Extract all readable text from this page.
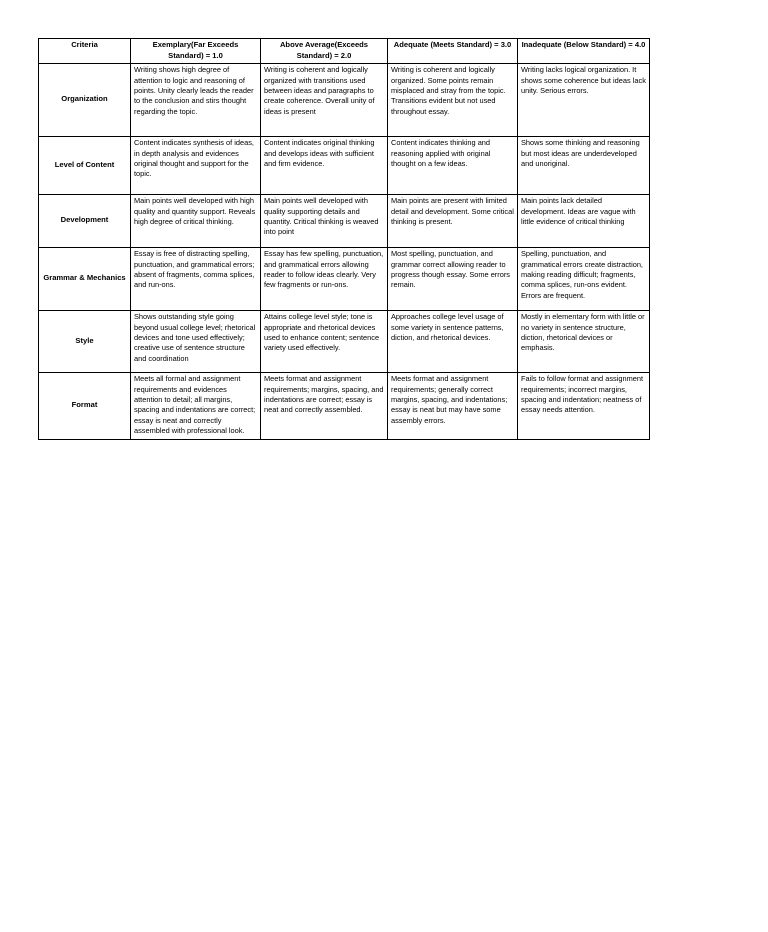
Criteria	Exemplary(Far Exceeds Standard) = 1.0	Above Average(Exceeds Standard) = 2.0	Adequate (Meets Standard) = 3.0	Inadequate (Below Standard) = 4.0
Organization	Writing shows high degree of attention to logic and reasoning of points. Unity clearly leads the reader to the conclusion and stirs thought regarding the topic.	Writing is coherent and logically organized with transitions used between ideas and paragraphs to create coherence. Overall unity of ideas is present	Writing is coherent and logically organized. Some points remain misplaced and stray from the topic. Transitions evident but not used throughout essay.	Writing lacks logical organization. It shows some coherence but ideas lack unity. Serious errors.
Level of Content	Content indicates synthesis of ideas, in depth analysis and evidences original thought and support for the topic.	Content indicates original thinking and develops ideas with sufficient and firm evidence.	Content indicates thinking and reasoning applied with original thought on a few ideas.	Shows some thinking and reasoning but most ideas are underdeveloped and unoriginal.
Development	Main points well developed with high quality and quantity support. Reveals high degree of critical thinking.	Main points well developed with quality supporting details and quantity. Critical thinking is weaved into point	Main points are present with limited detail and development. Some critical thinking is present.	Main points lack detailed development. Ideas are vague with little evidence of critical thinking
Grammar & Mechanics	Essay is free of distracting spelling, punctuation, and grammatical errors; absent of fragments, comma splices, and run-ons.	Essay has few spelling, punctuation, and grammatical errors allowing reader to follow ideas clearly. Very few fragments or run-ons.	Most spelling, punctuation, and grammar correct allowing reader to progress though essay. Some errors remain.	Spelling, punctuation, and grammatical errors create distraction, making reading difficult; fragments, comma splices, run-ons evident. Errors are frequent.
Style	Shows outstanding style going beyond usual college level; rhetorical devices and tone used effectively; creative use of sentence structure and coordination	Attains college level style; tone is appropriate and rhetorical devices used to enhance content; sentence variety used effectively.	Approaches college level usage of some variety in sentence patterns, diction, and rhetorical devices.	Mostly in elementary form with little or no variety in sentence structure, diction, rhetorical devices or emphasis.
Format	Meets all formal and assignment requirements and evidences attention to detail; all margins, spacing and indentations are correct; essay is neat and correctly assembled with professional look.	Meets format and assignment requirements; margins, spacing, and indentations are correct; essay is neat and correctly assembled.	Meets format and assignment requirements; generally correct margins, spacing, and indentations; essay is neat but may have some assembly errors.	Fails to follow format and assignment requirements; incorrect margins, spacing and indentation; neatness of essay needs attention.
